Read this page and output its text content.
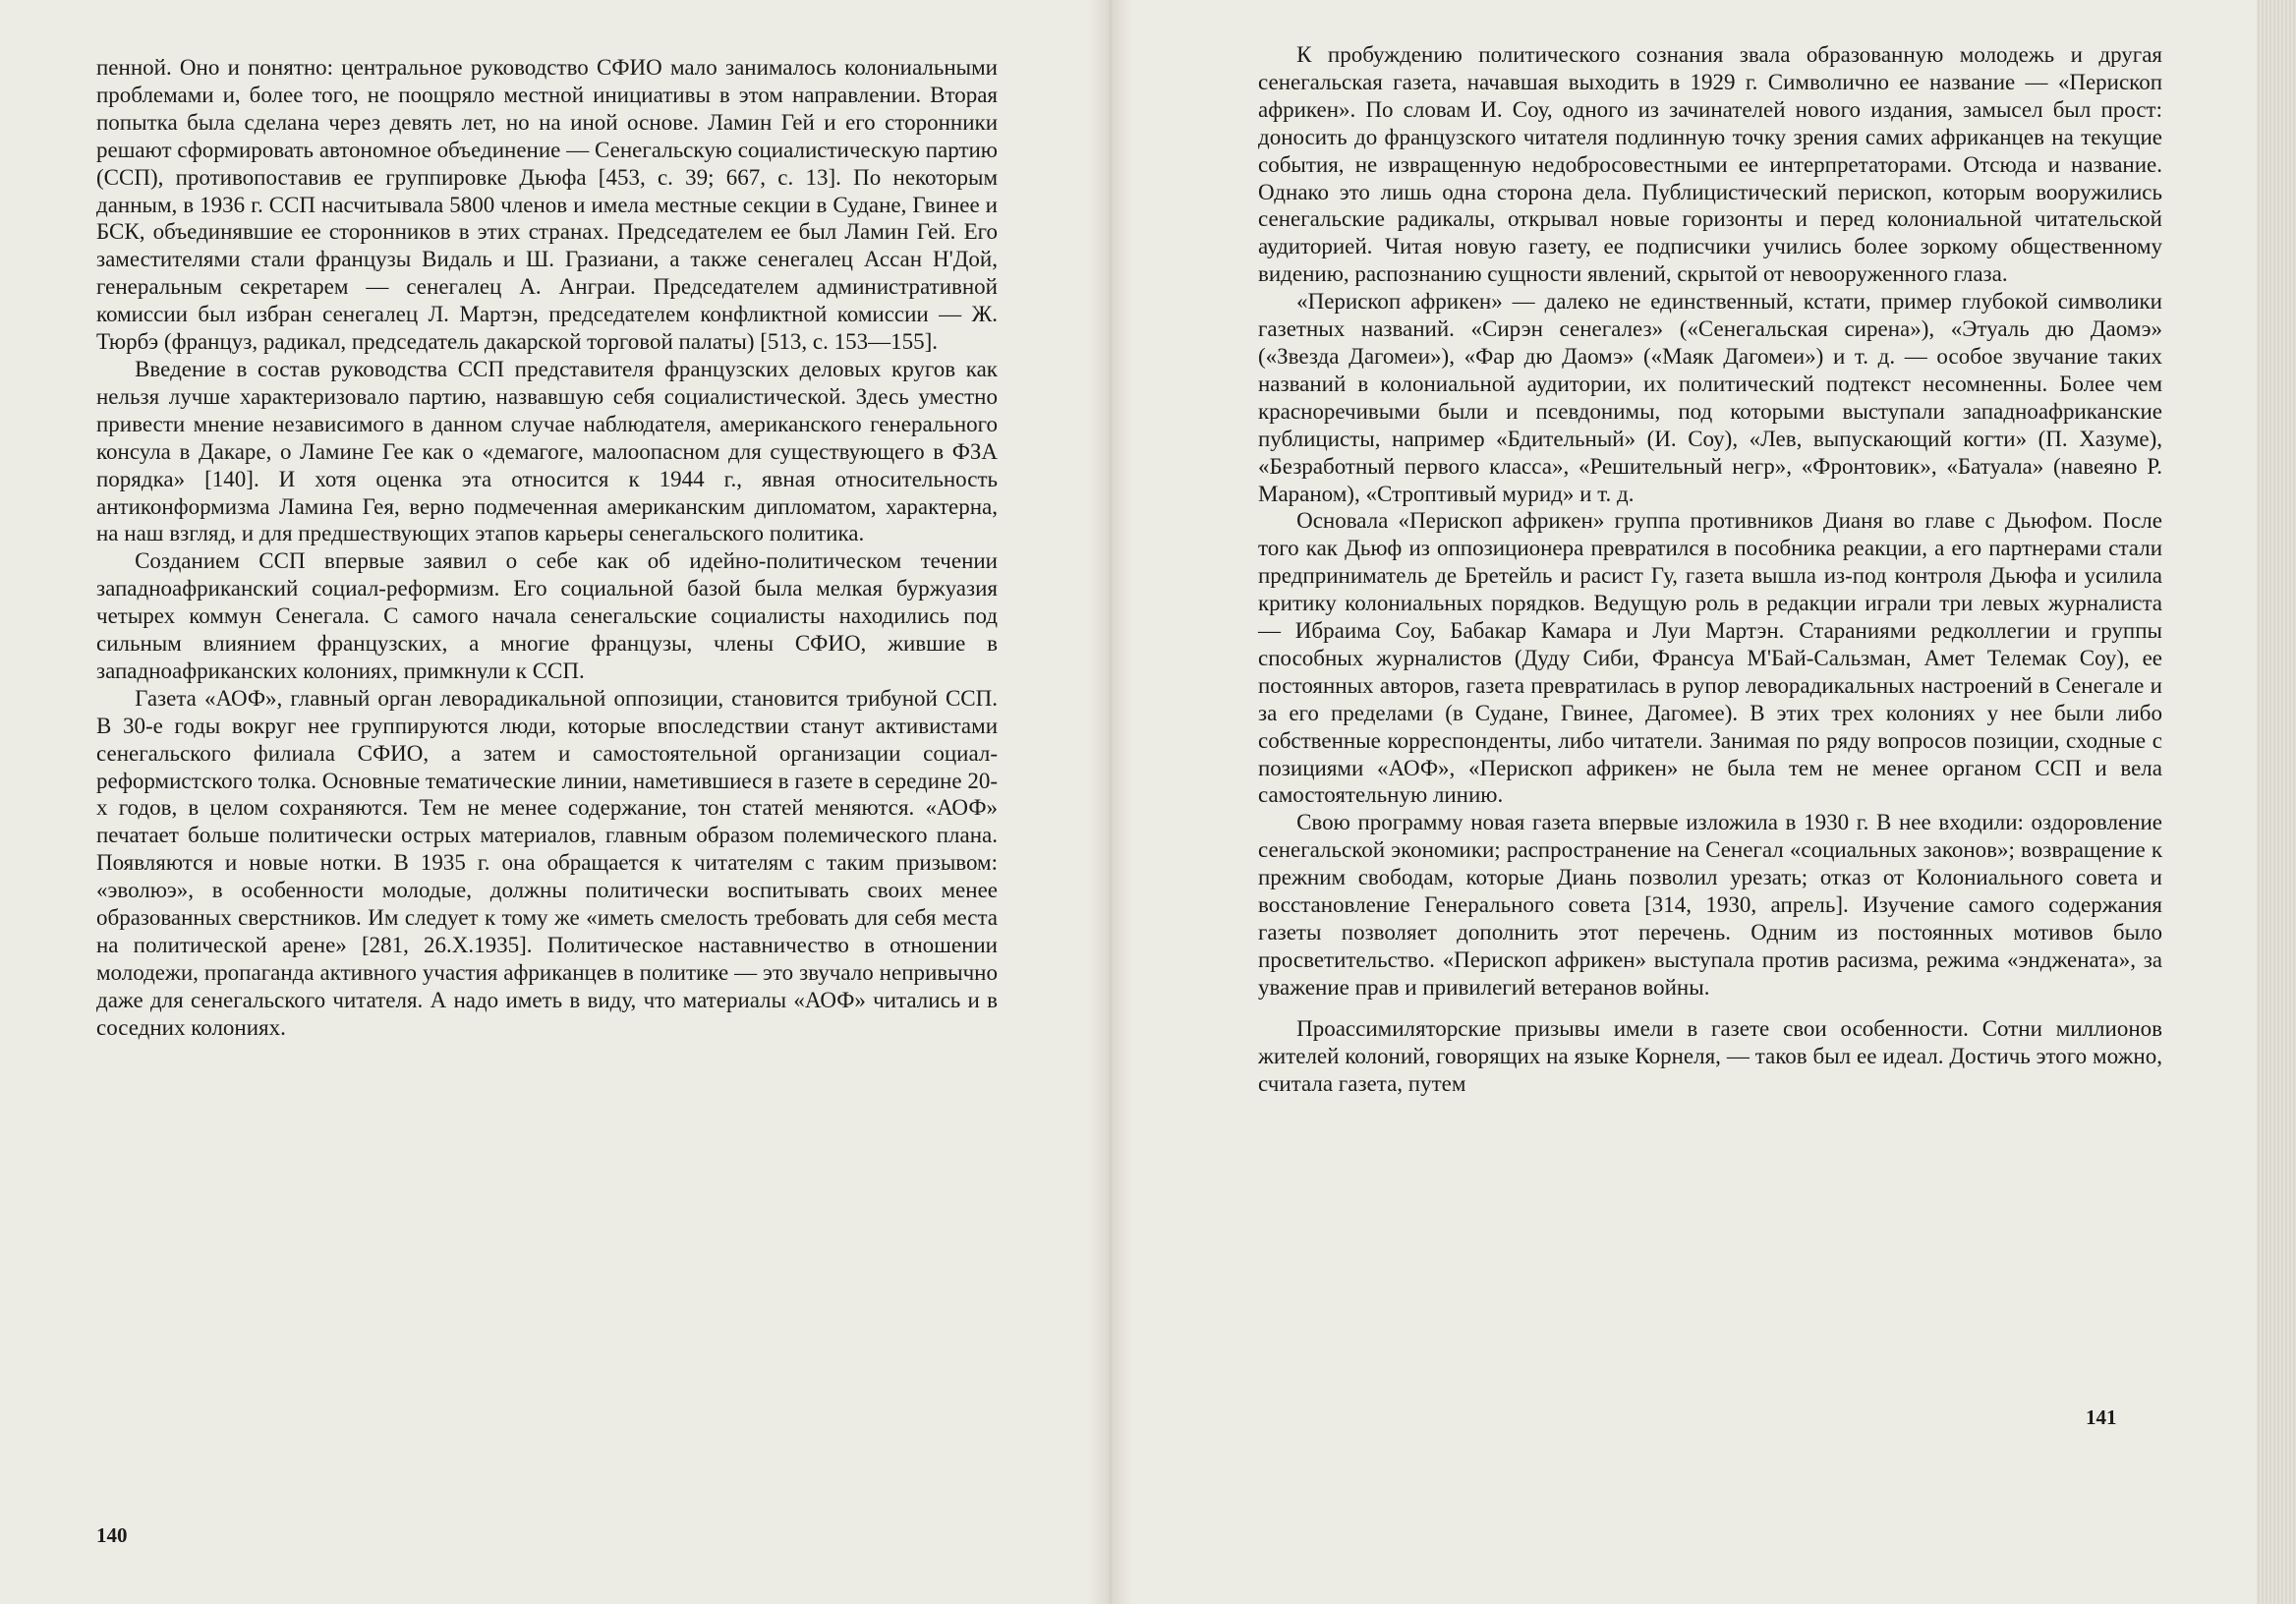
пенной. Оно и понятно: центральное руководство СФИО мало занималось колониальными проблемами и, более того, не поощряло местной инициативы в этом направлении. Вторая попытка была сделана через девять лет, но на иной основе. Ламин Гей и его сторонники решают сформировать автономное объединение — Сенегальскую социалистическую партию (ССП), противопоставив ее группировке Дьюфа [453, с. 39; 667, с. 13]. По некоторым данным, в 1936 г. ССП насчитывала 5800 членов и имела местные секции в Судане, Гвинее и БСК, объединявшие ее сторонников в этих странах. Председателем ее был Ламин Гей. Его заместителями стали французы Видаль и Ш. Гразиани, а также сенегалец Ассан Н'Дой, генеральным секретарем — сенегалец А. Анграи. Председателем административной комиссии был избран сенегалец Л. Мартэн, председателем конфликтной комиссии — Ж. Тюрбэ (француз, радикал, председатель дакарской торговой палаты) [513, с. 153—155].

Введение в состав руководства ССП представителя французских деловых кругов как нельзя лучше характеризовало партию, назвавшую себя социалистической. Здесь уместно привести мнение независимого в данном случае наблюдателя, американского генерального консула в Дакаре, о Ламине Гее как о «демагоге, малоопасном для существующего в ФЗА порядка» [140]. И хотя оценка эта относится к 1944 г., явная относительность антиконформизма Ламина Гея, верно подмеченная американским дипломатом, характерна, на наш взгляд, и для предшествующих этапов карьеры сенегальского политика.

Созданием ССП впервые заявил о себе как об идейно-политическом течении западноафриканский социал-реформизм. Его социальной базой была мелкая буржуазия четырех коммун Сенегала. С самого начала сенегальские социалисты находились под сильным влиянием французских, а многие французы, члены СФИО, жившие в западноафриканских колониях, примкнули к ССП.

Газета «АОФ», главный орган леворадикальной оппозиции, становится трибуной ССП. В 30-е годы вокруг нее группируются люди, которые впоследствии станут активистами сенегальского филиала СФИО, а затем и самостоятельной организации социал-реформистского толка. Основные тематические линии, наметившиеся в газете в середине 20-х годов, в целом сохраняются. Тем не менее содержание, тон статей меняются. «АОФ» печатает больше политически острых материалов, главным образом полемического плана. Появляются и новые нотки. В 1935 г. она обращается к читателям с таким призывом: «эволюэ», в особенности молодые, должны политически воспитывать своих менее образованных сверстников. Им следует к тому же «иметь смелость требовать для себя места на политической арене» [281, 26.X.1935]. Политическое наставничество в отношении молодежи, пропаганда активного участия африканцев в политике — это звучало непривычно даже для сенегальского читателя. А надо иметь в виду, что материалы «АОФ» читались и в соседних колониях.

140

К пробуждению политического сознания звала образованную молодежь и другая сенегальская газета, начавшая выходить в 1929 г. Символично ее название — «Перископ африкен». По словам И. Соу, одного из зачинателей нового издания, замысел был прост: доносить до французского читателя подлинную точку зрения самих африканцев на текущие события, не извращенную недобросовестными ее интерпретаторами. Отсюда и название. Однако это лишь одна сторона дела. Публицистический перископ, которым вооружились сенегальские радикалы, открывал новые горизонты и перед колониальной читательской аудиторией. Читая новую газету, ее подписчики учились более зоркому общественному видению, распознанию сущности явлений, скрытой от невооруженного глаза.

«Перископ африкен» — далеко не единственный, кстати, пример глубокой символики газетных названий. «Сирэн сенегалез» («Сенегальская сирена»), «Этуаль дю Даомэ» («Звезда Дагомеи»), «Фар дю Даомэ» («Маяк Дагомеи») и т. д. — особое звучание таких названий в колониальной аудитории, их политический подтекст несомненны. Более чем красноречивыми были и псевдонимы, под которыми выступали западноафриканские публицисты, например «Бдительный» (И. Соу), «Лев, выпускающий когти» (П. Хазуме), «Безработный первого класса», «Решительный негр», «Фронтовик», «Батуала» (навеяно Р. Мараном), «Строптивый мурид» и т. д.

Основала «Перископ африкен» группа противников Дианя во главе с Дьюфом. После того как Дьюф из оппозиционера превратился в пособника реакции, а его партнерами стали предприниматель де Бретейль и расист Гу, газета вышла из-под контроля Дьюфа и усилила критику колониальных порядков. Ведущую роль в редакции играли три левых журналиста — Ибраима Соу, Бабакар Камара и Луи Мартэн. Стараниями редколлегии и группы способных журналистов (Дуду Сиби, Франсуа М'Бай-Сальзман, Амет Телемак Соу), ее постоянных авторов, газета превратилась в рупор леворадикальных настроений в Сенегале и за его пределами (в Судане, Гвинее, Дагомее). В этих трех колониях у нее были либо собственные корреспонденты, либо читатели. Занимая по ряду вопросов позиции, сходные с позициями «АОФ», «Перископ африкен» не была тем не менее органом ССП и вела самостоятельную линию.

Свою программу новая газета впервые изложила в 1930 г. В нее входили: оздоровление сенегальской экономики; распространение на Сенегал «социальных законов»; возвращение к прежним свободам, которые Диань позволил урезать; отказ от Колониального совета и восстановление Генерального совета [314, 1930, апрель]. Изучение самого содержания газеты позволяет дополнить этот перечень. Одним из постоянных мотивов было просветительство. «Перископ африкен» выступала против расизма, режима «энджената», за уважение прав и привилегий ветеранов войны.

Проассимиляторские призывы имели в газете свои особенности. Сотни миллионов жителей колоний, говорящих на языке Корнеля, — таков был ее идеал. Достичь этого можно, считала газета, путем

141
